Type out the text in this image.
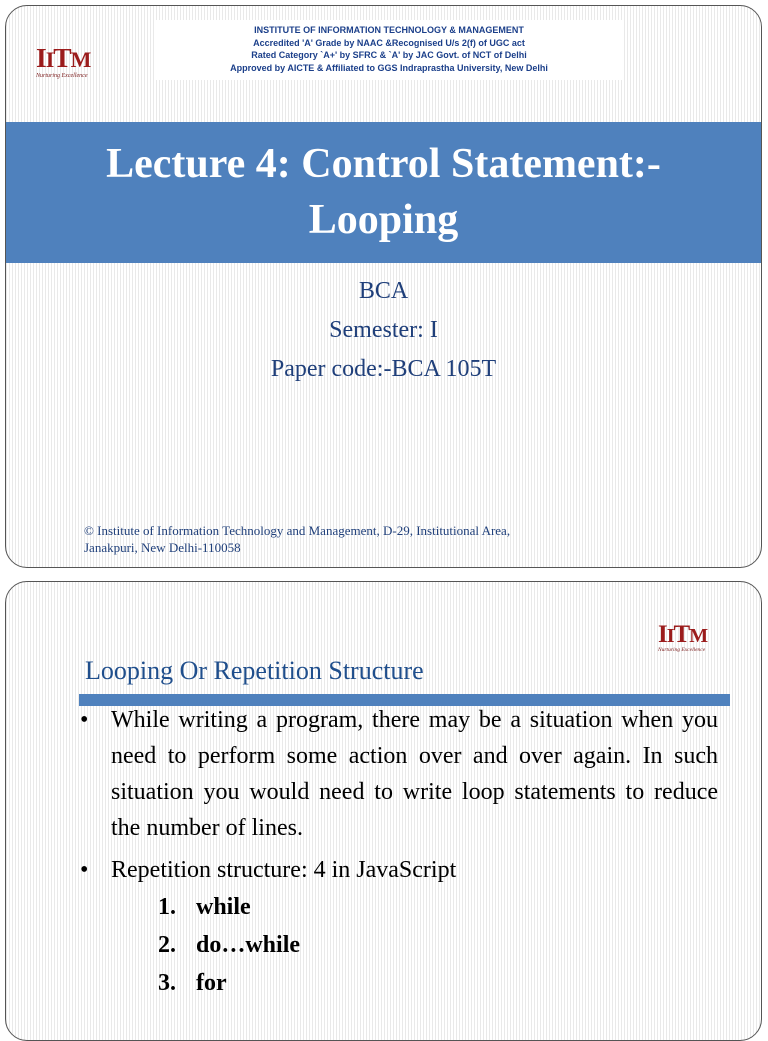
IITM
Nurturing Excellence
INSTITUTE OF INFORMATION TECHNOLOGY & MANAGEMENT
Accredited 'A' Grade by NAAC &Recognised U/s 2(f) of UGC act
Rated Category `A+' by SFRC & `A' by JAC Govt. of NCT of Delhi
Approved by AICTE & Affiliated to GGS Indraprastha University, New Delhi
Lecture 4: Control Statement:-
Looping
BCA
Semester: I
Paper code:-BCA 105T
© Institute of Information Technology and Management, D-29, Institutional Area,
Janakpuri, New Delhi-110058
IITM
Nurturing Excellence
Looping Or Repetition Structure
• While writing a program, there may be a situation when you need to perform some action over and over again. In such situation you would need to write loop statements to reduce the number of lines.
• Repetition structure: 4 in JavaScript
1. while
2. do…while
3. for
